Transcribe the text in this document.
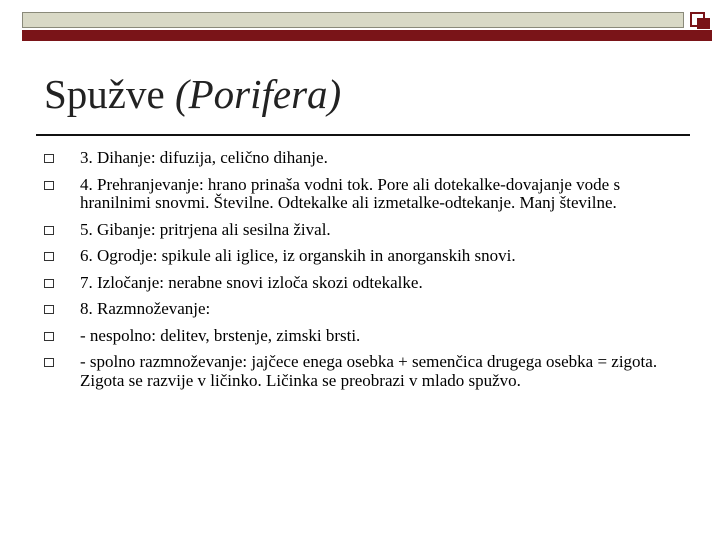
Spužve (Porifera)
3. Dihanje: difuzija, celično dihanje.
4. Prehranjevanje: hrano prinaša vodni tok. Pore ali dotekalke-dovajanje vode s hranilnimi snovmi. Številne. Odtekalke ali izmetalke-odtekanje. Manj številne.
5. Gibanje: pritrjena ali sesilna žival.
6. Ogrodje: spikule ali iglice, iz organskih in anorganskih snovi.
7. Izločanje: nerabne snovi izloča skozi odtekalke.
8. Razmnoževanje:
- nespolno: delitev, brstenje, zimski brsti.
- spolno razmnoževanje: jajčece enega osebka + semenčica drugega osebka = zigota. Zigota se razvije v ličinko. Ličinka se preobrazi v mlado spužvo.
